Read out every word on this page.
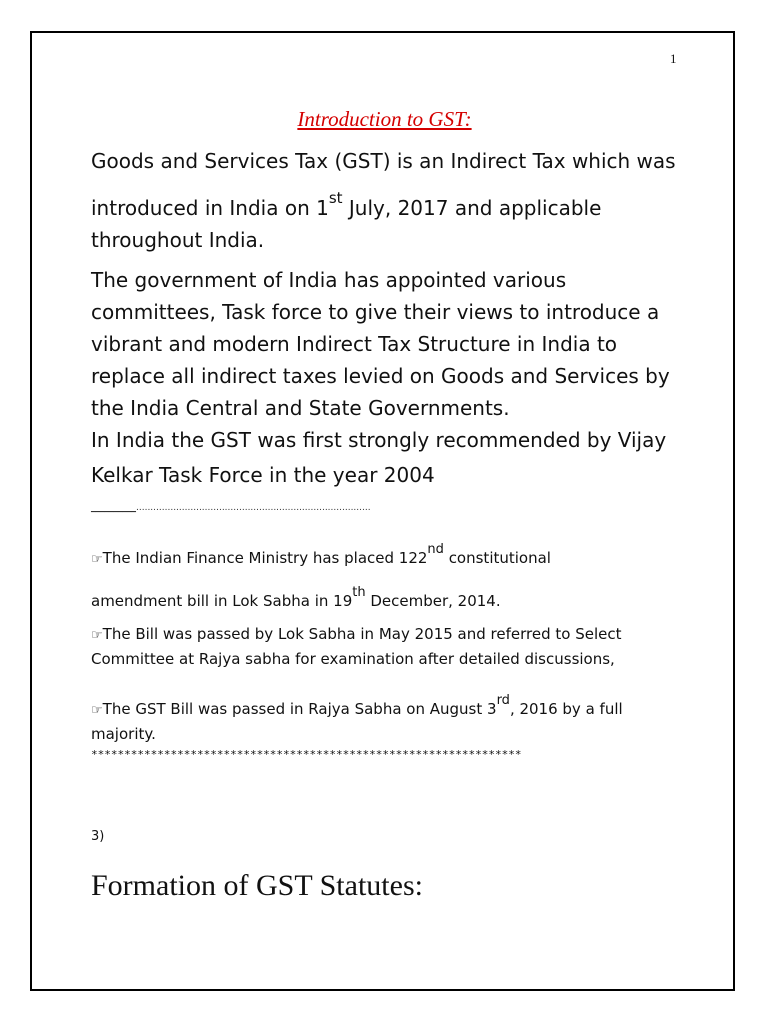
1
Introduction to GST:
Goods and Services Tax (GST) is an Indirect Tax which was
introduced in India on 1st July, 2017 and applicable
throughout India.
The government of India has appointed various
committees, Task force to give their views to introduce a
vibrant and modern Indirect Tax Structure in India to
replace all indirect taxes levied on Goods and Services by
the India Central and State Governments.
In India the GST was first strongly recommended by Vijay
Kelkar Task Force in the year 2004
__________..................................................................................
☞The Indian Finance Ministry has placed 122nd constitutional
amendment bill in Lok Sabha in 19th December, 2014.
☞The Bill was passed by Lok Sabha in May 2015 and referred to Select
Committee at Rajya sabha for examination after detailed discussions,
☞The GST Bill was passed in Rajya Sabha on August 3rd, 2016 by a full
majority.
*****************************************************************
3)
Formation of GST Statutes:
